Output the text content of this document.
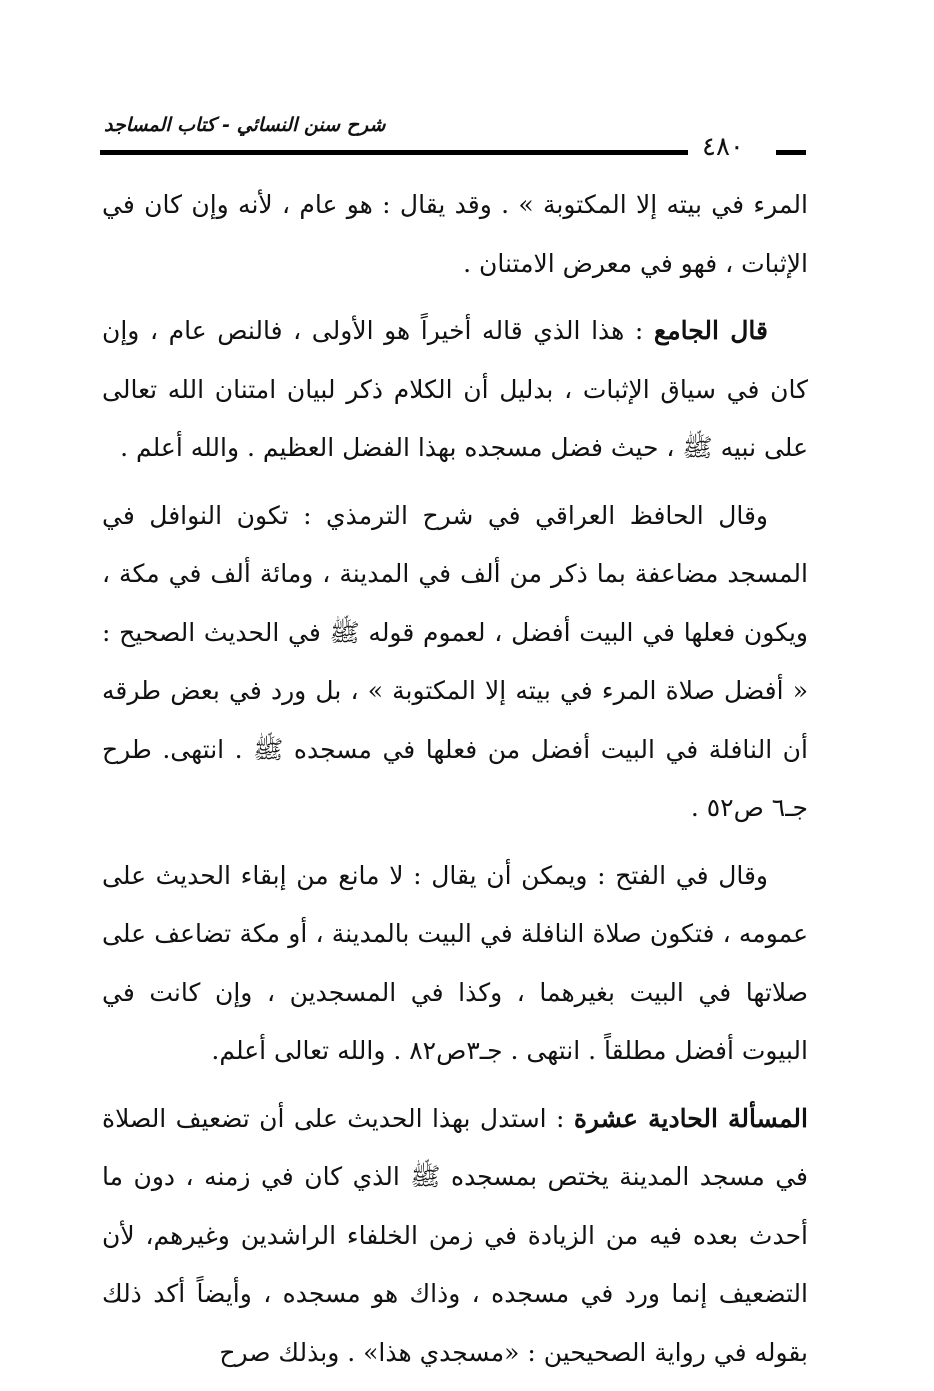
شرح سنن النسائي - كتاب المساجد
٤٨٠

المرء في بيته إلا المكتوبة » . وقد يقال : هو عام ، لأنه وإن كان في الإثبات ، فهو في معرض الامتنان .

قال الجامع : هذا الذي قاله أخيراً هو الأولى ، فالنص عام ، وإن كان في سياق الإثبات ، بدليل أن الكلام ذكر لبيان امتنان الله تعالى على نبيه ﷺ ، حيث فضل مسجده بهذا الفضل العظيم . والله أعلم .

وقال الحافظ العراقي في شرح الترمذي : تكون النوافل في المسجد مضاعفة بما ذكر من ألف في المدينة ، ومائة ألف في مكة ، ويكون فعلها في البيت أفضل ، لعموم قوله ﷺ في الحديث الصحيح : « أفضل صلاة المرء في بيته إلا المكتوبة » ، بل ورد في بعض طرقه أن النافلة في البيت أفضل من فعلها في مسجده ﷺ . انتهى. طرح جـ٦ ص٥٢ .

وقال في الفتح : ويمكن أن يقال : لا مانع من إبقاء الحديث على عمومه ، فتكون صلاة النافلة في البيت بالمدينة ، أو مكة تضاعف على صلاتها في البيت بغيرهما ، وكذا في المسجدين ، وإن كانت في البيوت أفضل مطلقاً . انتهى . جـ٣ص٨٢ . والله تعالى أعلم.

المسألة الحادية عشرة : استدل بهذا الحديث على أن تضعيف الصلاة في مسجد المدينة يختص بمسجده ﷺ الذي كان في زمنه ، دون ما أحدث بعده فيه من الزيادة في زمن الخلفاء الراشدين وغيرهم، لأن التضعيف إنما ورد في مسجده ، وذاك هو مسجده ، وأيضاً أكد ذلك بقوله في رواية الصحيحين : «مسجدي هذا» . وبذلك صرح
